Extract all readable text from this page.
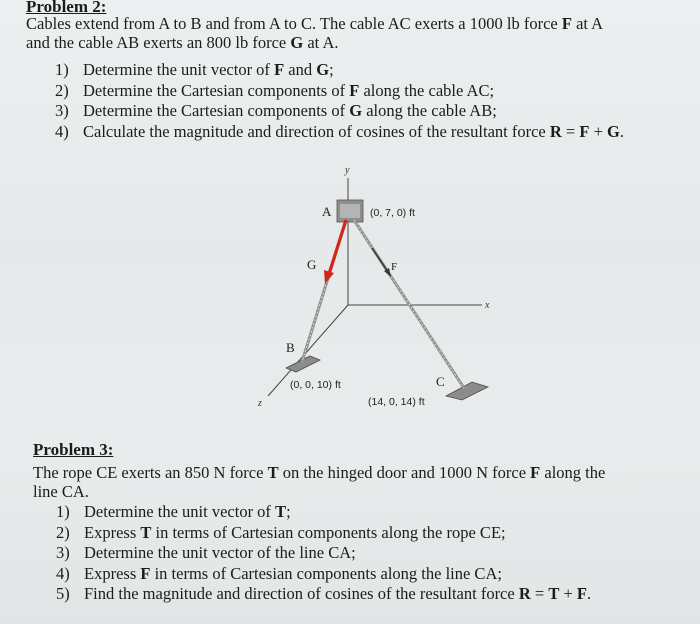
Problem 2:
Cables extend from A to B and from A to C. The cable AC exerts a 1000 lb force F at A
and the cable AB exerts an 800 lb force G at A.
1) Determine the unit vector of F and G;
2) Determine the Cartesian components of F along the cable AC;
3) Determine the Cartesian components of G along the cable AB;
4) Calculate the magnitude and direction of cosines of the resultant force R = F + G.
y
x
z
A
B
C
G	F
(0, 7, 0) ft
(0, 0, 10) ft
(14, 0, 14) ft
Problem 3:
The rope CE exerts an 850 N force T on the hinged door and 1000 N force F along the
line CA.
1) Determine the unit vector of T;
2) Express T in terms of Cartesian components along the rope CE;
3) Determine the unit vector of the line CA;
4) Express F in terms of Cartesian components along the line CA;
5) Find the magnitude and direction of cosines of the resultant force R = T + F.
